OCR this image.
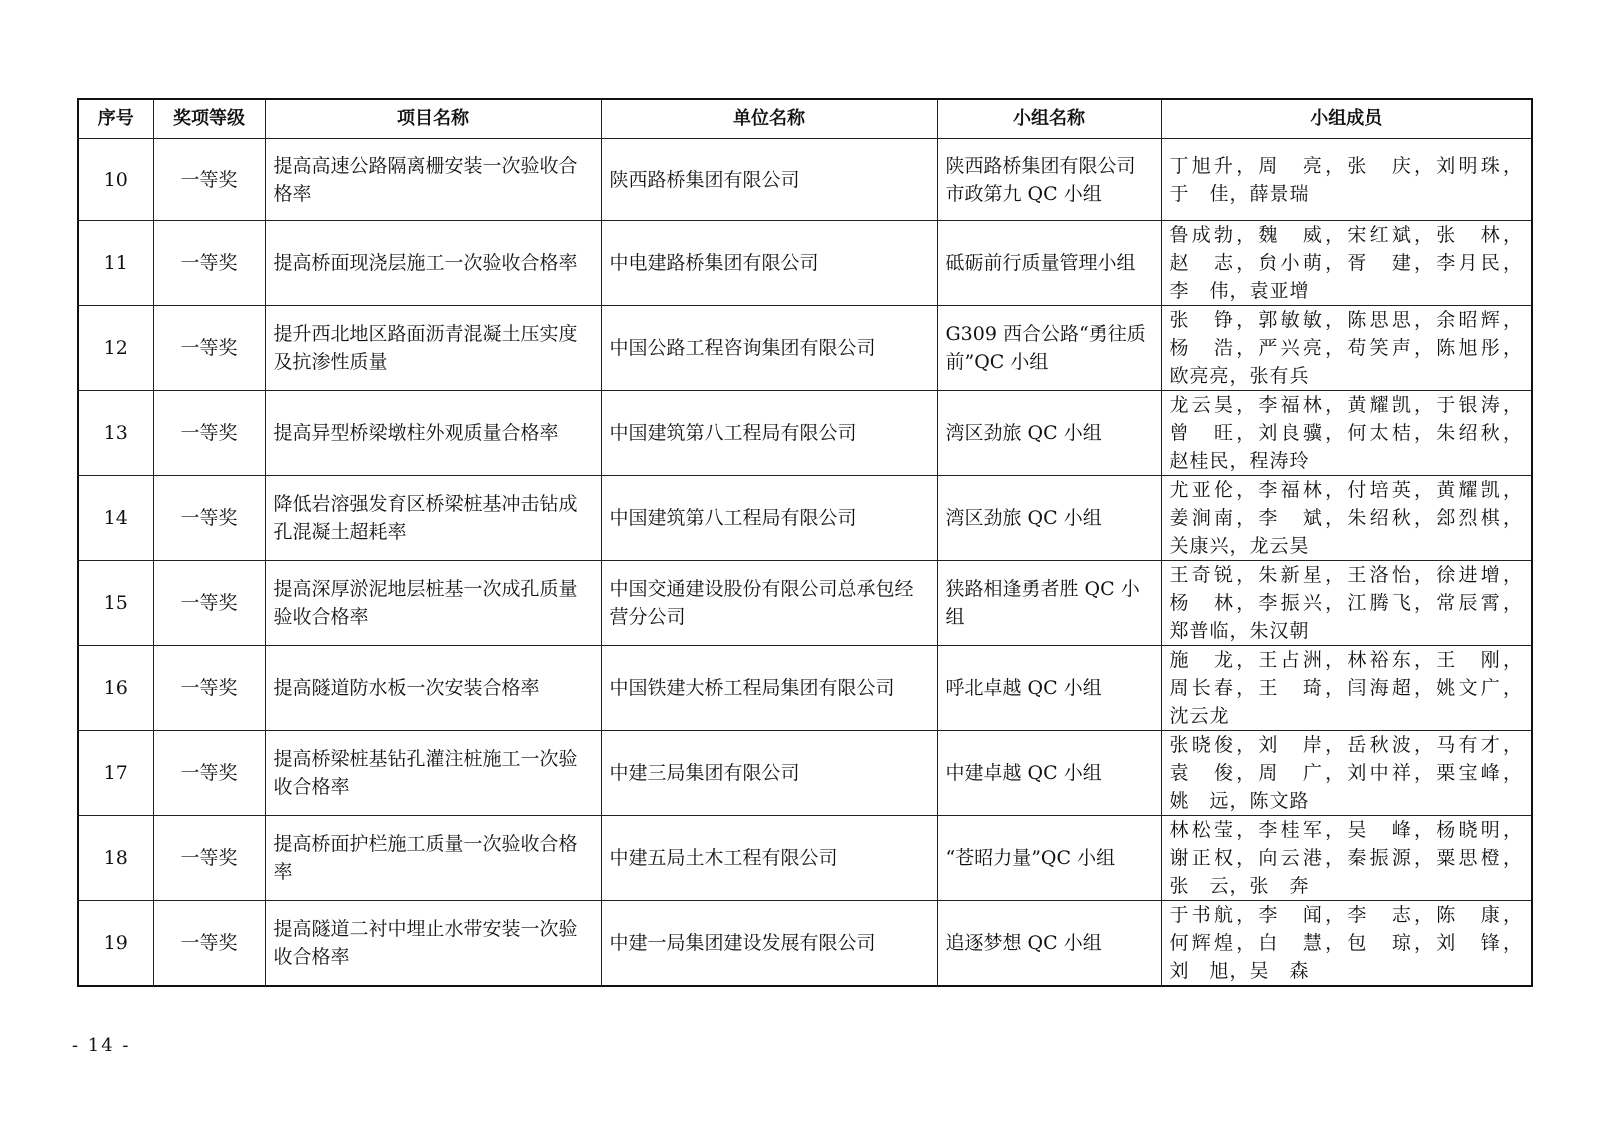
序号	奖项等级	项目名称	单位名称	小组名称	小组成员
10	一等奖	提高高速公路隔离栅安装一次验收合格率	陕西路桥集团有限公司	陕西路桥集团有限公司市政第九 QC 小组	丁旭升，周　亮，张　庆，刘明珠，
于　佳，薛景瑞

11	一等奖	提高桥面现浇层施工一次验收合格率	中电建路桥集团有限公司	砥砺前行质量管理小组	鲁成勃，魏　威，宋红斌，张　林，
赵　志，贠小萌，胥　建，李月民，
李　伟，袁亚增

12	一等奖	提升西北地区路面沥青混凝土压实度及抗渗性质量	中国公路工程咨询集团有限公司	G309 西合公路“勇往质前”QC 小组	张　铮，郭敏敏，陈思思，余昭辉，
杨　浩，严兴亮，苟笑声，陈旭彤，
欧亮亮，张有兵

13	一等奖	提高异型桥梁墩柱外观质量合格率	中国建筑第八工程局有限公司	湾区劲旅 QC 小组	龙云昊，李福林，黄耀凯，于银涛，
曾　旺，刘良骥，何太桔，朱绍秋，
赵桂民，程涛玲

14	一等奖	降低岩溶强发育区桥梁桩基冲击钻成孔混凝土超耗率	中国建筑第八工程局有限公司	湾区劲旅 QC 小组	尤亚伦，李福林，付培英，黄耀凯，
姜涧南，李　斌，朱绍秋，郐烈棋，
关康兴，龙云昊

15	一等奖	提高深厚淤泥地层桩基一次成孔质量验收合格率	中国交通建设股份有限公司总承包经营分公司	狭路相逢勇者胜 QC 小组	王奇锐，朱新星，王洛怡，徐进增，
杨　林，李振兴，江腾飞，常辰霄，
郑普临，朱汉朝

16	一等奖	提高隧道防水板一次安装合格率	中国铁建大桥工程局集团有限公司	呼北卓越 QC 小组	施　龙，王占洲，林裕东，王　刚，
周长春，王　琦，闫海超，姚文广，
沈云龙

17	一等奖	提高桥梁桩基钻孔灌注桩施工一次验收合格率	中建三局集团有限公司	中建卓越 QC 小组	张晓俊，刘　岸，岳秋波，马有才，
袁　俊，周　广，刘中祥，栗宝峰，
姚　远，陈文路

18	一等奖	提高桥面护栏施工质量一次验收合格率	中建五局土木工程有限公司	“苍昭力量”QC 小组	林松莹，李桂军，吴　峰，杨晓明，
谢正权，向云港，秦振源，粟思橙，
张　云，张　奔

19	一等奖	提高隧道二衬中埋止水带安装一次验收合格率	中建一局集团建设发展有限公司	追逐梦想 QC 小组	于书航，李　闻，李　志，陈　康，
何辉煌，白　慧，包　琼，刘　锋，
刘　旭，吴　森
- 14 -
